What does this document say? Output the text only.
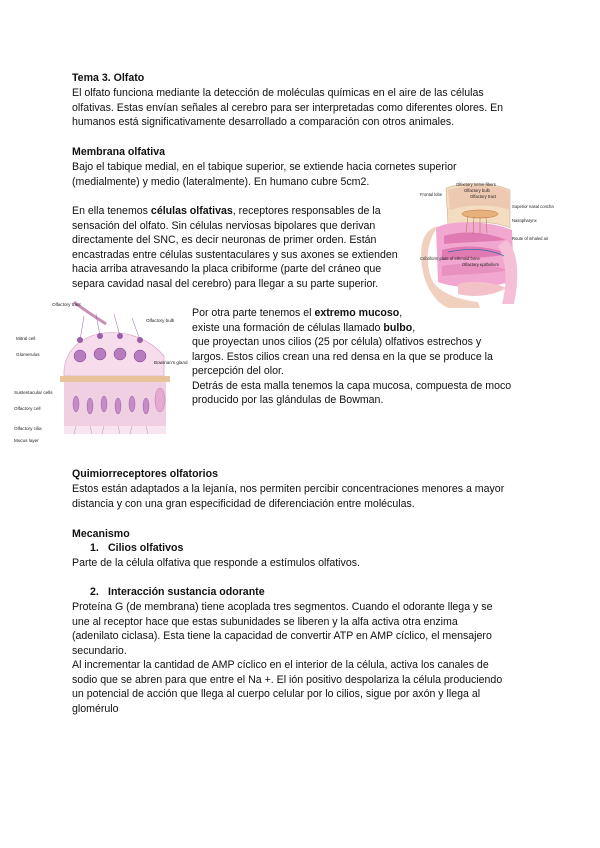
Tema 3. Olfato
El olfato funciona mediante la detección de moléculas químicas en el aire de las células
olfativas. Estas envían señales al cerebro para ser interpretadas como diferentes olores. En
humanos está significativamente desarrollado a comparación con otros animales.
Membrana olfativa
Bajo el tabique medial, en el tabique superior, se extiende hacia cornetes superior
(medialmente) y medio (lateralmente). En humano cubre 5cm2.
En ella tenemos células olfativas, receptores responsables de la
sensación del olfato. Sin células nerviosas bipolares que derivan
directamente del SNC, es decir neuronas de primer orden. Están
encastradas entre células sustentaculares y sus axones se extienden
hacia arriba atravesando la placa cribiforme (parte del cráneo que
separa cavidad nasal del cerebro) para llegar a su parte superior.
Frontal lobe
Olfactory nerve fibers
Olfactory bulb
Olfactory tract
Superior nasal concha
Nasopharynx
Route of inhaled air
Cribriform plate of ethmoid bone
Olfactory epithelium
Olfactory tract
Olfactory bulb
Mitral cell
Glomerulus
Bowman's gland
Sustentacular cells
Olfactory cell
Olfactory cilia
Mucus layer
Por otra parte tenemos el extremo mucoso,
existe una formación de células llamado bulbo,
que proyectan unos cilios (25 por célula) olfativos estrechos y
largos. Estos cilios crean una red densa en la que se produce la
percepción del olor.
Detrás de esta malla tenemos la capa mucosa, compuesta de moco
producido por las glándulas de Bowman.
Quimiorreceptores olfatorios
Estos están adaptados a la lejanía, nos permiten percibir concentraciones menores a mayor
distancia y con una gran especificidad de diferenciación entre moléculas.
Mecanismo
1. Cilios olfativos
Parte de la célula olfativa que responde a estímulos olfativos.
2. Interacción sustancia odorante
Proteína G (de membrana) tiene acoplada tres segmentos. Cuando el odorante llega y se
une al receptor hace que estas subunidades se liberen y la alfa activa otra enzima
(adenilato ciclasa). Esta tiene la capacidad de convertir ATP en AMP cíclico, el mensajero
secundario.
Al incrementar la cantidad de AMP cíclico en el interior de la célula, activa los canales de
sodio que se abren para que entre el Na +. El ión positivo despolariza la célula produciendo
un potencial de acción que llega al cuerpo celular por lo cilios, sigue por axón y llega al
glomérulo
